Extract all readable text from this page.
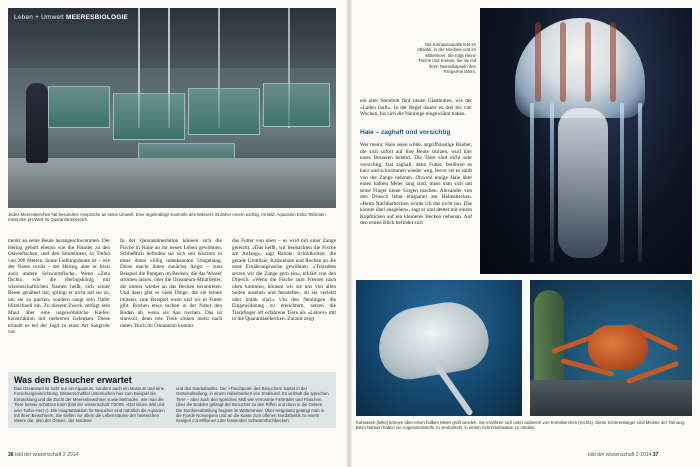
Leben + Umwelt MEERESBIOLOGIE
Jedes Meerestierchen hat besondere Ansprüche an seine Umwelt. Eine regelmäßige Kontrolle des Wassers ist daher enorm wichtig. Im Bild: Aquaristin Erika Teßmann misst den pH-Wert im Quarantänebereich.
merkt an seine Beute herangeschwommen. Der Hering gehört ebenso wie die Flunder zu den Ostseefischen, und den Stintelmeer, in Tiefen von 200 Metern. Seine Lieblingsbeute ist – wie der Name verrät – der Hering, aber er frisst auch andere Schwarmfische. Wenn »Zeta fischt«, wie die Heringskönig mit wissenschaftlichen Namen heißt, sich seiner Beute genähert hat, springt er nicht auf sie zu, um sie zu packen, sondern saugt sein Opfer blitzschnell ein. Zu diesem Zweck verfügt sein Maul über eine ungewöhnliche Kiefer-konstruktion mit mehreren Gelenken. Diese erlaubt es bei der Jagd zu einer Art Saugrohr vor.
In der Quarantänestation können sich die Fische in Ruhe an ihr neues Leben gewöhnen. Schließlich befinden sie sich seit Kurzem in einer ihnen völlig unbekannten Umgebung. Diese macht ihnen zunächst Angst – zum Beispiel die Pumpen im Becken, die das Wasser strömen lassen, oder die Ozeaneum-Mitarbeiter, die immer wieder an das Becken herantreten. Und dann gibt es viele Dinge, die sie lernen müssen, zum Beispiel wann und wo es Futter gibt. Rochen etwa suchen in der Natur den Boden ab, wenn sie Aas riechen. Das ist sinnvoll, denn tote Tiere sinken meist nach unten. Doch im Ozeaneum kommt
das Futter von oben – es wird mit einer Zange gereicht. »Das heißt, wir beobachten die Fische am Anfang«, sagt Reiche. Schildkröten, die gerade Glotthaie, Katzenhaie und Rochen an die neue Ernährungsweise gewöhnen. »Trotzdem setzen wir die Zange gern ein«, erklärt von den Driesch. »Wenn die Fische zum Fressen nach oben kommen, können wir sie uns von allen Seiten ansehen und feststellen, ob sie verletzt oder krank sind.« Um den Neulingen die Eingewöhnung zu erleichtern, setzen die Tierpfleger oft erfahrene Tiere als »Lehrer« mit in die Quarantänebecken. Zurzeit zeigt
Was den Besucher erwartet
Das Ozeaneum ist nicht nur ein Aquarium, sondern auch ein Museum und eine Forschungseinrichtung. Wissenschaftler untersuchen hier zum Beispiel die Entwicklung und die Zucht der Meeresbewohner sowie Methoden, wie man die Tiere besser schützen kann (bild der wissenschaft 7/2009, »Der kleine Wal und sein Turbo-Herz«). Die Hauptattraktion für Besucher sind natürlich die Aquarien mit ihren Bewohnern. Sie stellen vor allem die Lebensräume der heimischen Meere dar, also der Ostsee, der Nordsee
und des Nordatlantiks. Der »Touchpool« des Besuchers startet in der Ostseeabteilung, in einem Hafenbecken von Stralsund. Es verläuft die typischen Tiere – aber auch den typischen Müll wie verrostete Fahrräder und Flaschen. Über die Bodden gelangt der Besucher zu den Riffen und dann in die Ostsee. Die Nordseeabteilung beginnt im Wattenmeer. Über Helgoland gelangt man in die Fjorde Norwegens und an die Kante zum offenen Nordatlantik zu einem riesigen 2,6 Millionen Liter fassenden Schwarmfischbecken.
36 bild der wissenschaft 2·2014
Die Kompassqualle lebt im Atlantik, in der Nordsee und im Mittelmeer. Sie trägt kleine Fische und Krebse, die sie mit ihren Nesselkapseln ihre Fangarme lähmt.
ein alter Steinbutt fünf neuen Glattbutten, wie der »Laden läuft«. In der Regel dauert es drei bis vier Wochen, bis sich die Neulinge eingewöhnt haben.
Haie – zaghaft und vorsichtig
Wer meint, Haie seien wilde, angriffslustige Räuber, die sich sofort auf ihre Beute stürzen, wird hier eines Besseren belehrt. Die Tiere sind nicht sehr vorsichtig, fast zaghaft, denn Futter, berühren es kurz und schwimmen wieder weg, bevor sie es sanft von der Zange nehmen. Obwohl einige Haie über einen halben Meter lang sind, muss man sich um seine Finger keine Sorgen machen. Alexander von den Driesch lehnt entspannt am Hallenbecken. »Beim Nachbarbecken würde ich das nicht tun. Das könnte übel ausgehen«, sagt er und deutet mit einem Kopfnicken auf ein kleineres Becken nebenan. Auf den ersten Blick befindet sich
Kuhnasen (links) können über einen halben Meter groß werden. Sie ernähren sich unter anderem von Krebstierchen (rechts). Diese Scherenbeiger sind Meister der Tarnung: Beim Nahsen haben sie Augenwerkstelle zu verdunkeln, in einem Schrecksituation zu urteilen.
bild der wissenschaft 2·2014 37
